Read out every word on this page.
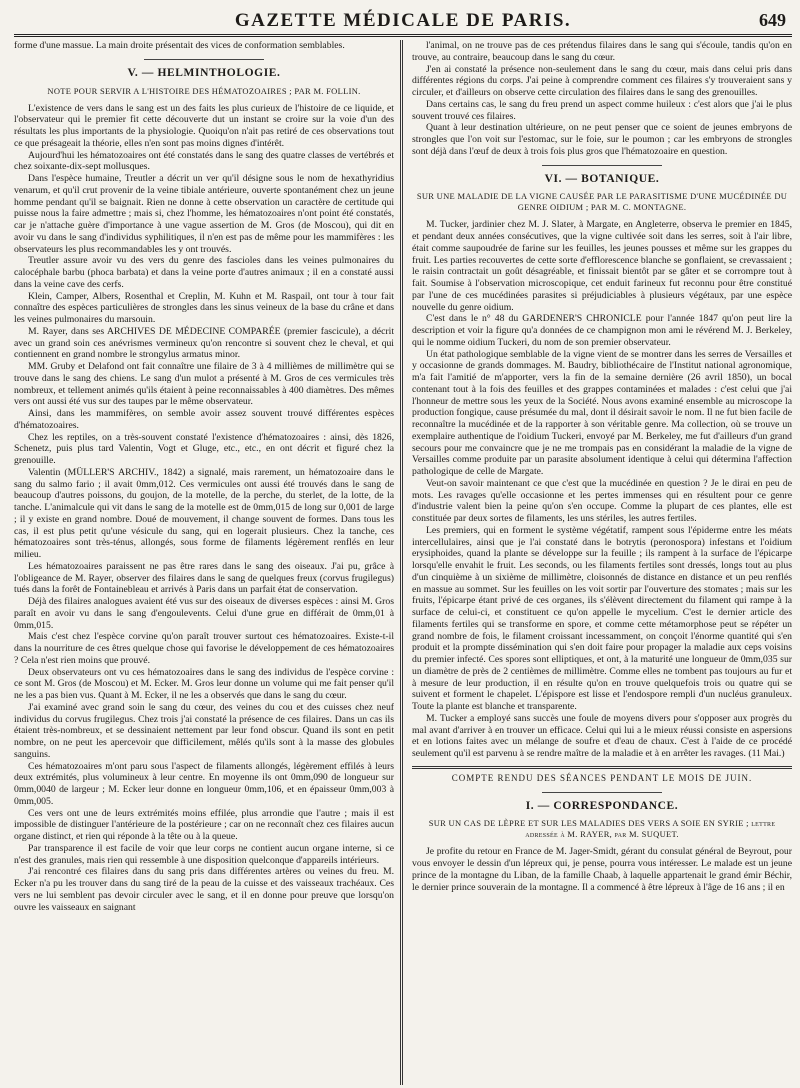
GAZETTE MÉDICALE DE PARIS.	649

forme d'une massue. La main droite présentait des vices de conformation semblables.

V. — HELMINTHOLOGIE.
NOTE POUR SERVIR A L'HISTOIRE DES HÉMATOZOAIRES ; PAR M. FOLLIN.

L'existence de vers dans le sang est un des faits les plus curieux de l'histoire de ce liquide, et l'observateur qui le premier fit cette découverte dut un instant se croire sur la voie d'un des résultats les plus importants de la physiologie. Quoiqu'on n'ait pas retiré de ces observations tout ce que présageait la théorie, elles n'en sont pas moins dignes d'intérêt.

Aujourd'hui les hématozoaires ont été constatés dans le sang des quatre classes de vertébrés et chez soixante-dix-sept mollusques.

Dans l'espèce humaine, Treutler a décrit un ver qu'il désigne sous le nom de hexathyridius venarum, et qu'il crut provenir de la veine tibiale antérieure, ouverte spontanément chez un jeune homme pendant qu'il se baignait. Rien ne donne à cette observation un caractère de certitude qui puisse nous la faire admettre ; mais si, chez l'homme, les hématozoaires n'ont point été constatés, car je n'attache guère d'importance à une vague assertion de M. Gros (de Moscou), qui dit en avoir vu dans le sang d'individus syphilitiques, il n'en est pas de même pour les mammifères : les observateurs les plus recommandables les y ont trouvés.

Treutler assure avoir vu des vers du genre des fascioles dans les veines pulmonaires du calocéphale barbu (phoca barbata) et dans la veine porte d'autres animaux ; il en a constaté aussi dans la veine cave des cerfs.

Klein, Camper, Albers, Rosenthal et Creplin, M. Kuhn et M. Raspail, ont tour à tour fait connaître des espèces particulières de strongles dans les sinus veineux de la base du crâne et dans les veines pulmonaires du marsouin.

M. Rayer, dans ses ARCHIVES DE MÉDECINE COMPARÉE (premier fascicule), a décrit avec un grand soin ces anévrismes vermineux qu'on rencontre si souvent chez le cheval, et qui contiennent en grand nombre le strongylus armatus minor.

MM. Gruby et Delafond ont fait connaître une filaire de 3 à 4 millièmes de millimètre qui se trouve dans le sang des chiens. Le sang d'un mulot a présenté à M. Gros de ces vermicules très nombreux, et tellement animés qu'ils étaient à peine reconnaissables à 400 diamètres. Des mêmes vers ont aussi été vus sur des taupes par le même observateur.

Ainsi, dans les mammifères, on semble avoir assez souvent trouvé différentes espèces d'hématozoaires.

Chez les reptiles, on a très-souvent constaté l'existence d'hématozoaires : ainsi, dès 1826, Schenetz, puis plus tard Valentin, Vogt et Gluge, etc., etc., en ont décrit et figuré chez la grenouille.

Valentin (MÜLLER'S ARCHIV., 1842) a signalé, mais rarement, un hématozoaire dans le sang du salmo fario ; il avait 0mm,012. Ces vermicules ont aussi été trouvés dans le sang de beaucoup d'autres poissons, du goujon, de la motelle, de la perche, du sterlet, de la lotte, de la tanche. L'animalcule qui vit dans le sang de la motelle est de 0mm,015 de long sur 0,001 de large ; il y existe en grand nombre. Doué de mouvement, il change souvent de formes. Dans tous les cas, il est plus petit qu'une vésicule du sang, qui en logerait plusieurs. Chez la tanche, ces hématozoaires sont très-ténus, allongés, sous forme de filaments légèrement renflés en leur milieu.

Les hématozoaires paraissent ne pas être rares dans le sang des oiseaux. J'ai pu, grâce à l'obligeance de M. Rayer, observer des filaires dans le sang de quelques freux (corvus frugilegus) tués dans la forêt de Fontainebleau et arrivés à Paris dans un parfait état de conservation.

Déjà des filaires analogues avaient été vus sur des oiseaux de diverses espèces : ainsi M. Gros paraît en avoir vu dans le sang d'engoulevents. Celui d'une grue en différait de 0mm,01 à 0mm,015.

Mais c'est chez l'espèce corvine qu'on paraît trouver surtout ces hématozoaires. Existe-t-il dans la nourriture de ces êtres quelque chose qui favorise le développement de ces hématozoaires ? Cela n'est rien moins que prouvé.

Deux observateurs ont vu ces hématozoaires dans le sang des individus de l'espèce corvine : ce sont M. Gros (de Moscou) et M. Ecker. M. Gros leur donne un volume qui me fait penser qu'il ne les a pas bien vus. Quant à M. Ecker, il ne les a observés que dans le sang du cœur.

J'ai examiné avec grand soin le sang du cœur, des veines du cou et des cuisses chez neuf individus du corvus frugilegus. Chez trois j'ai constaté la présence de ces filaires. Dans un cas ils étaient très-nombreux, et se dessinaient nettement par leur fond obscur. Quand ils sont en petit nombre, on ne peut les apercevoir que difficilement, mêlés qu'ils sont à la masse des globules sanguins.

Ces hématozoaires m'ont paru sous l'aspect de filaments allongés, légèrement effilés à leurs deux extrémités, plus volumineux à leur centre. En moyenne ils ont 0mm,090 de longueur sur 0mm,0040 de largeur ; M. Ecker leur donne en longueur 0mm,106, et en épaisseur 0mm,003 à 0mm,005.

Ces vers ont une de leurs extrémités moins effilée, plus arrondie que l'autre ; mais il est impossible de distinguer l'antérieure de la postérieure ; car on ne reconnaît chez ces filaires aucun organe distinct, et rien qui réponde à la tête ou à la queue.

Par transparence il est facile de voir que leur corps ne contient aucun organe interne, si ce n'est des granules, mais rien qui ressemble à une disposition quelconque d'appareils intérieurs.

J'ai rencontré ces filaires dans du sang pris dans différentes artères ou veines du freu. M. Ecker n'a pu les trouver dans du sang tiré de la peau de la cuisse et des vaisseaux trachéaux. Ces vers ne lui semblent pas devoir circuler avec le sang, et il en donne pour preuve que lorsqu'on ouvre les vaisseaux en saignant

l'animal, on ne trouve pas de ces prétendus filaires dans le sang qui s'écoule, tandis qu'on en trouve, au contraire, beaucoup dans le sang du cœur.

J'en ai constaté la présence non-seulement dans le sang du cœur, mais dans celui pris dans différentes régions du corps. J'ai peine à comprendre comment ces filaires s'y trouveraient sans y circuler, et d'ailleurs on observe cette circulation des filaires dans le sang des grenouilles.

Dans certains cas, le sang du freu prend un aspect comme huileux : c'est alors que j'ai le plus souvent trouvé ces filaires.

Quant à leur destination ultérieure, on ne peut penser que ce soient de jeunes embryons de strongles que l'on voit sur l'estomac, sur le foie, sur le poumon ; car les embryons de strongles sont déjà dans l'œuf de deux à trois fois plus gros que l'hématozoaire en question.

VI. — BOTANIQUE.
SUR UNE MALADIE DE LA VIGNE CAUSÉE PAR LE PARASITISME D'UNE MUCÉDINÉE DU GENRE OIDIUM ; PAR M. C. MONTAGNE.

M. Tucker, jardinier chez M. J. Slater, à Margate, en Angleterre, observa le premier en 1845, et pendant deux années consécutives, que la vigne cultivée soit dans les serres, soit à l'air libre, était comme saupoudrée de farine sur les feuilles, les jeunes pousses et même sur les grappes du fruit. Les parties recouvertes de cette sorte d'efflorescence blanche se gonflaient, se crevassaient ; le raisin contractait un goût désagréable, et finissait bientôt par se gâter et se corrompre tout à fait. Soumise à l'observation microscopique, cet enduit farineux fut reconnu pour être constitué par l'une de ces mucédinées parasites si préjudiciables à plusieurs végétaux, par une espèce nouvelle du genre oidium.

C'est dans le n° 48 du GARDENER'S CHRONICLE pour l'année 1847 qu'on peut lire la description et voir la figure qu'a données de ce champignon mon ami le révérend M. J. Berkeley, qui le nomme oidium Tuckeri, du nom de son premier observateur.

Un état pathologique semblable de la vigne vient de se montrer dans les serres de Versailles et y occasionne de grands dommages. M. Baudry, bibliothécaire de l'Institut national agronomique, m'a fait l'amitié de m'apporter, vers la fin de la semaine dernière (26 avril 1850), un bocal contenant tout à la fois des feuilles et des grappes contaminées et malades : c'est celui que j'ai l'honneur de mettre sous les yeux de la Société. Nous avons examiné ensemble au microscope la production fongique, cause présumée du mal, dont il désirait savoir le nom. Il ne fut bien facile de reconnaître la mucédinée et de la rapporter à son véritable genre. Ma collection, où se trouve un exemplaire authentique de l'oidium Tuckeri, envoyé par M. Berkeley, me fut d'ailleurs d'un grand secours pour me convaincre que je ne me trompais pas en considérant la maladie de la vigne de Versailles comme produite par un parasite absolument identique à celui qui détermina l'affection pathologique de celle de Margate.

Veut-on savoir maintenant ce que c'est que la mucédinée en question ? Je le dirai en peu de mots. Les ravages qu'elle occasionne et les pertes immenses qui en résultent pour ce genre d'industrie valent bien la peine qu'on s'en occupe. Comme la plupart de ces plantes, elle est constituée par deux sortes de filaments, les uns stériles, les autres fertiles.

Les premiers, qui en forment le système végétatif, rampent sous l'épiderme entre les méats intercellulaires, ainsi que je l'ai constaté dans le botrytis (peronospora) infestans et l'oidium erysiphoides, quand la plante se développe sur la feuille ; ils rampent à la surface de l'épicarpe lorsqu'elle envahit le fruit. Les seconds, ou les filaments fertiles sont dressés, longs tout au plus d'un cinquième à un sixième de millimètre, cloisonnés de distance en distance et un peu renflés en massue au sommet. Sur les feuilles on les voit sortir par l'ouverture des stomates ; mais sur les fruits, l'épicarpe étant privé de ces organes, ils s'élèvent directement du filament qui rampe à la surface de celui-ci, et constituent ce qu'on appelle le mycelium. C'est le dernier article des filaments fertiles qui se transforme en spore, et comme cette métamorphose peut se répéter un grand nombre de fois, le filament croissant incessamment, on conçoit l'énorme quantité qui s'en produit et la prompte dissémination qui s'en doit faire pour propager la maladie aux ceps voisins du premier infecté. Ces spores sont elliptiques, et ont, à la maturité une longueur de 0mm,035 sur un diamètre de près de 2 centièmes de millimètre. Comme elles ne tombent pas toujours au fur et à mesure de leur production, il en résulte qu'on en trouve quelquefois trois ou quatre qui se suivent et forment le chapelet. L'épispore est lisse et l'endospore rempli d'un nucléus granuleux. Toute la plante est blanche et transparente.

M. Tucker a employé sans succès une foule de moyens divers pour s'opposer aux progrès du mal avant d'arriver à en trouver un efficace. Celui qui lui a le mieux réussi consiste en aspersions et en lotions faites avec un mélange de soufre et d'eau de chaux. C'est à l'aide de ce procédé seulement qu'il est parvenu à se rendre maître de la maladie et à en arrêter les ravages. (11 Mai.)

COMPTE RENDU DES SÉANCES PENDANT LE MOIS DE JUIN.
I. — CORRESPONDANCE.
SUR UN CAS DE LÈPRE ET SUR LES MALADIES DES VERS A SOIE EN SYRIE ; lettre adressée à M. RAYER, par M. SUQUET.

Je profite du retour en France de M. Jager-Smidt, gérant du consulat général de Beyrout, pour vous envoyer le dessin d'un lépreux qui, je pense, pourra vous intéresser. Le malade est un jeune prince de la montagne du Liban, de la famille Chaab, à laquelle appartenait le grand émir Béchir, le dernier prince souverain de la montagne. Il a commencé à être lépreux à l'âge de 16 ans ; il en
